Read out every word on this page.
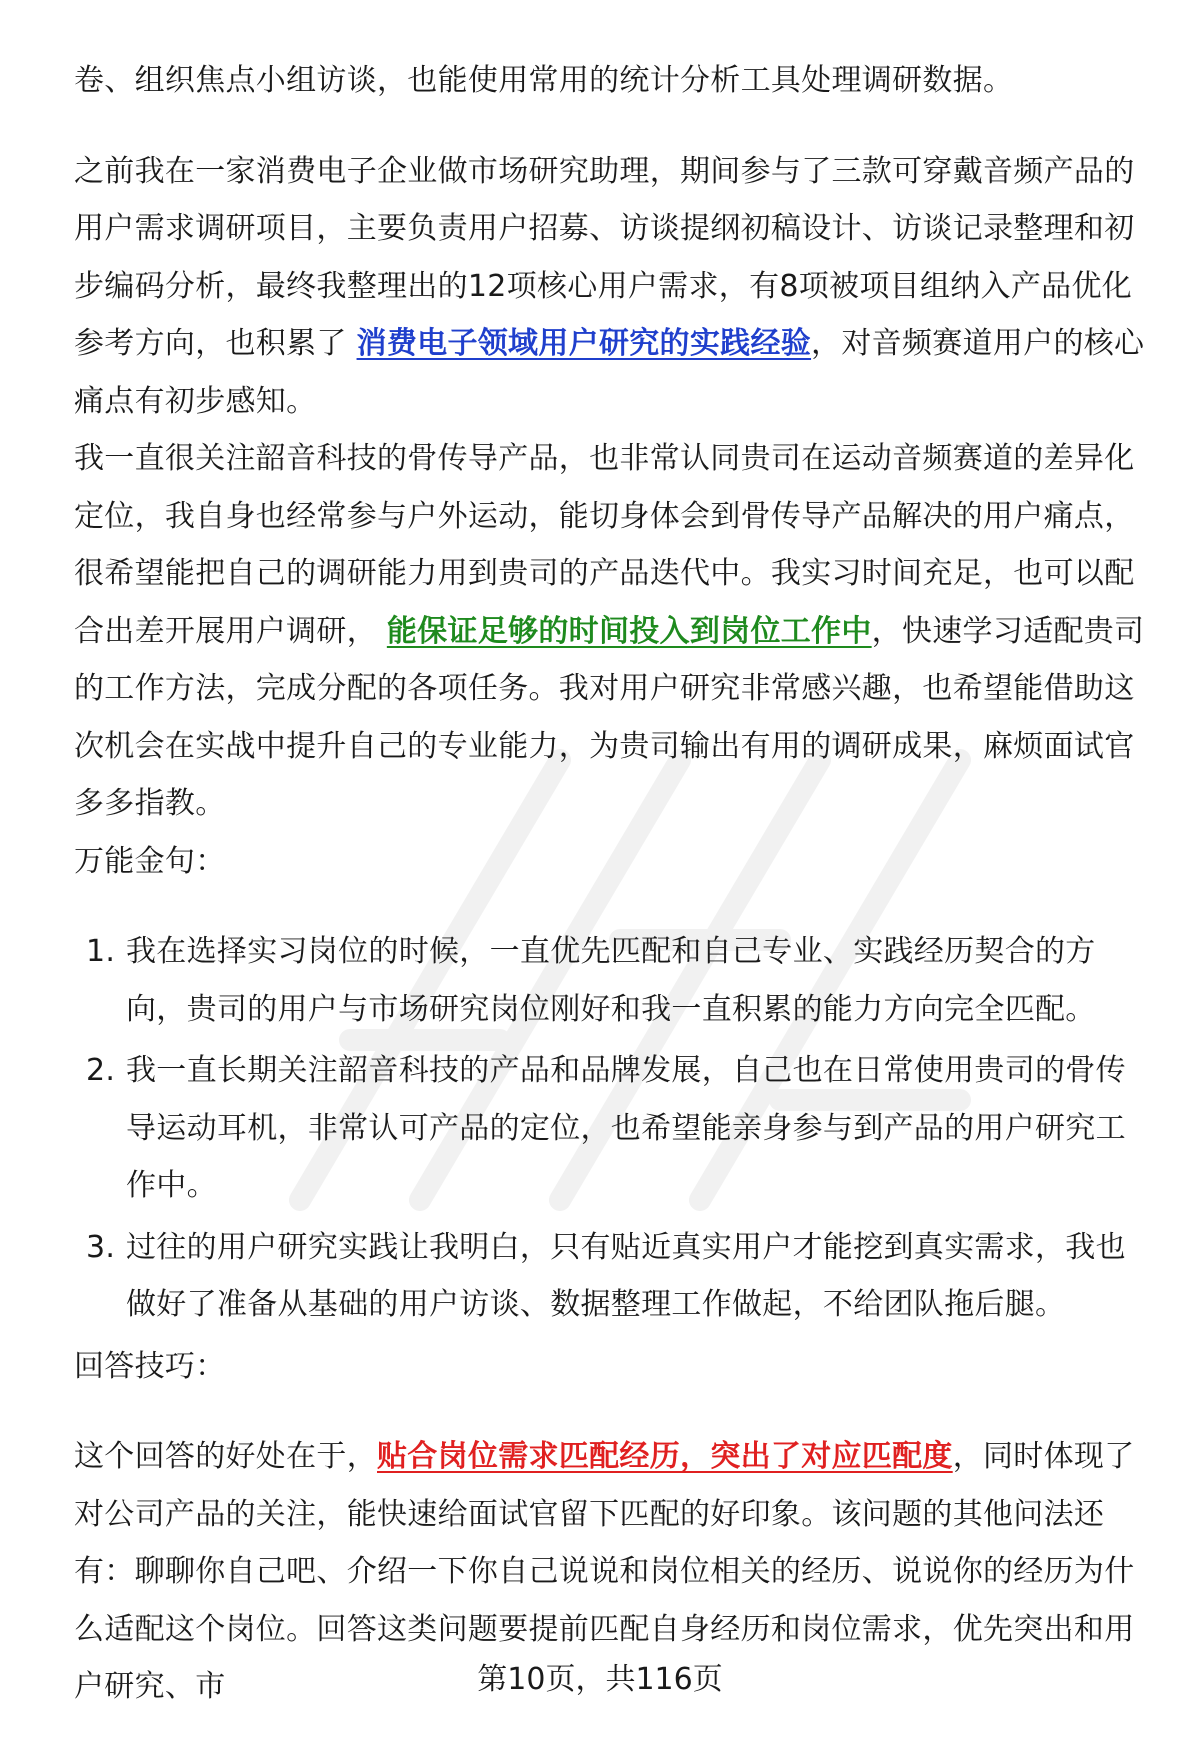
卷、组织焦点小组访谈，也能使用常用的统计分析工具处理调研数据。

之前我在一家消费电子企业做市场研究助理，期间参与了三款可穿戴音频产品的用户需求调研项目，主要负责用户招募、访谈提纲初稿设计、访谈记录整理和初步编码分析，最终我整理出的12项核心用户需求，有8项被项目组纳入产品优化参考方向，也积累了 消费电子领域用户研究的实践经验，对音频赛道用户的核心痛点有初步感知。

我一直很关注韶音科技的骨传导产品，也非常认同贵司在运动音频赛道的差异化定位，我自身也经常参与户外运动，能切身体会到骨传导产品解决的用户痛点，很希望能把自己的调研能力用到贵司的产品迭代中。我实习时间充足，也可以配合出差开展用户调研， 能保证足够的时间投入到岗位工作中，快速学习适配贵司的工作方法，完成分配的各项任务。我对用户研究非常感兴趣，也希望能借助这次机会在实战中提升自己的专业能力，为贵司输出有用的调研成果，麻烦面试官多多指教。

万能金句：

1. 我在选择实习岗位的时候，一直优先匹配和自己专业、实践经历契合的方向，贵司的用户与市场研究岗位刚好和我一直积累的能力方向完全匹配。
2. 我一直长期关注韶音科技的产品和品牌发展，自己也在日常使用贵司的骨传导运动耳机，非常认可产品的定位，也希望能亲身参与到产品的用户研究工作中。
3. 过往的用户研究实践让我明白，只有贴近真实用户才能挖到真实需求，我也做好了准备从基础的用户访谈、数据整理工作做起，不给团队拖后腿。

回答技巧：

这个回答的好处在于，贴合岗位需求匹配经历，突出了对应匹配度，同时体现了对公司产品的关注，能快速给面试官留下匹配的好印象。该问题的其他问法还有：聊聊你自己吧、介绍一下你自己说说和岗位相关的经历、说说你的经历为什么适配这个岗位。回答这类问题要提前匹配自身经历和岗位需求，优先突出和用户研究、市	第10页，共116页
